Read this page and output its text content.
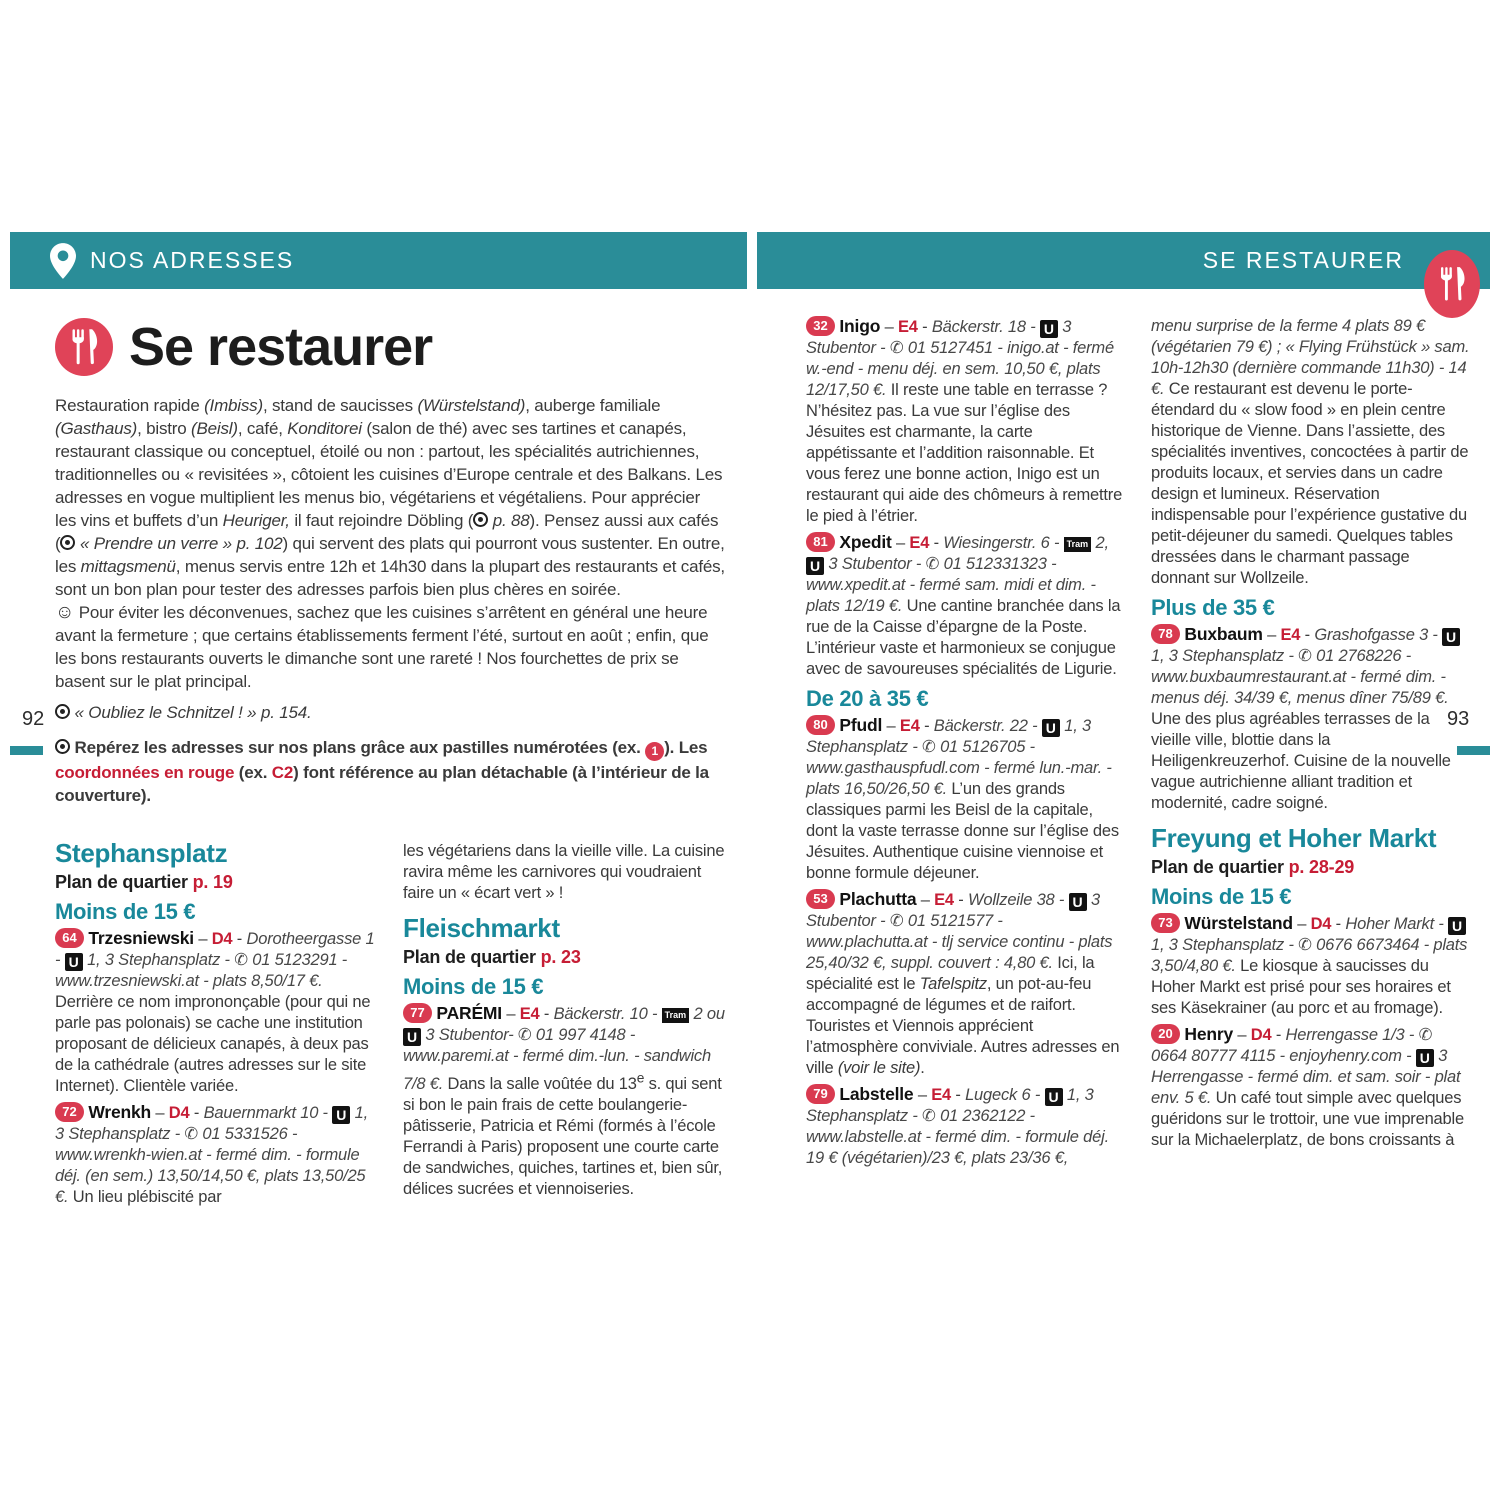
NOS ADRESSES	SE RESTAURER
Se restaurer

Restauration rapide (Imbiss), stand de saucisses (Würstelstand), auberge familiale (Gasthaus), bistro (Beisl), café, Konditorei (salon de thé) avec ses tartines et canapés, restaurant classique ou conceptuel, étoilé ou non : partout, les spécialités autrichiennes, traditionnelles ou « revisitées », côtoient les cuisines d’Europe centrale et des Balkans. Les adresses en vogue multiplient les menus bio, végétariens et végétaliens. Pour apprécier les vins et buffets d’un Heuriger, il faut rejoindre Döbling ( p. 88). Pensez aussi aux cafés ( « Prendre un verre » p. 102) qui servent des plats qui pourront vous sustenter. En outre, les mittagsmenü, menus servis entre 12h et 14h30 dans la plupart des restaurants et cafés, sont un bon plan pour tester des adresses parfois bien plus chères en soirée.

☺ Pour éviter les déconvenues, sachez que les cuisines s’arrêtent en général une heure avant la fermeture ; que certains établissements ferment l’été, surtout en août ; enfin, que les bons restaurants ouverts le dimanche sont une rareté ! Nos fourchettes de prix se basent sur le plat principal.

« Oubliez le Schnitzel ! » p. 154.

Repérez les adresses sur nos plans grâce aux pastilles numérotées (ex. 1 ). Les coordonnées en rouge (ex. C2) font référence au plan détachable (à l’intérieur de la couverture).

Stephansplatz

Plan de quartier p. 19

Moins de 15 €

64 Trzesniewski – D4 - Dorotheergasse 1 - U 1, 3 Stephansplatz - ✆ 01 5123291 - www.trzesniewski.at - plats 8,50/17 €. Derrière ce nom imprononçable (pour qui ne parle pas polonais) se cache une institution proposant de délicieux canapés, à deux pas de la cathédrale (autres adresses sur le site Internet). Clientèle variée.

72 Wrenkh – D4 - Bauernmarkt 10 - U 1, 3 Stephansplatz - ✆ 01 5331526 - www.wrenkh-wien.at - fermé dim. - formule déj. (en sem.) 13,50/14,50 €, plats 13,50/25 €. Un lieu plébiscité par

les végétariens dans la vieille ville. La cuisine ravira même les carnivores qui voudraient faire un « écart vert » !

Fleischmarkt

Plan de quartier p. 23

Moins de 15 €

77 PARÉMI – E4 - Bäckerstr. 10 - Tram 2 ou U 3 Stubentor- ✆ 01 997 4148 - www.paremi.at - fermé dim.-lun. - sandwich 7/8 €. Dans la salle voûtée du 13e s. qui sent si bon le pain frais de cette boulangerie-pâtisserie, Patricia et Rémi (formés à l’école Ferrandi à Paris) proposent une courte carte de sandwiches, quiches, tartines et, bien sûr, délices sucrées et viennoiseries.

32 Inigo – E4 - Bäckerstr. 18 - U 3 Stubentor - ✆ 01 5127451 - inigo.at - fermé w.-end - menu déj. en sem. 10,50 €, plats 12/17,50 €. Il reste une table en terrasse ? N’hésitez pas. La vue sur l’église des Jésuites est charmante, la carte appétissante et l’addition raisonnable. Et vous ferez une bonne action, Inigo est un restaurant qui aide des chômeurs à remettre le pied à l’étrier.

81 Xpedit – E4 - Wiesingerstr. 6 - Tram 2, U 3 Stubentor - ✆ 01 512331323 - www.xpedit.at - fermé sam. midi et dim. - plats 12/19 €. Une cantine branchée dans la rue de la Caisse d’épargne de la Poste. L’intérieur vaste et harmonieux se conjugue avec de savoureuses spécialités de Ligurie.

De 20 à 35 €

80 Pfudl – E4 - Bäckerstr. 22 - U 1, 3 Stephansplatz - ✆ 01 5126705 - www.gasthauspfudl.com - fermé lun.-mar. - plats 16,50/26,50 €. L’un des grands classiques parmi les Beisl de la capitale, dont la vaste terrasse donne sur l’église des Jésuites. Authentique cuisine viennoise et bonne formule déjeuner.

53 Plachutta – E4 - Wollzeile 38 - U 3 Stubentor - ✆ 01 5121577 - www.plachutta.at - tlj service continu - plats 25,40/32 €, suppl. couvert : 4,80 €. Ici, la spécialité est le Tafelspitz, un pot-au-feu accompagné de légumes et de raifort. Touristes et Viennois apprécient l’atmosphère conviviale. Autres adresses en ville (voir le site).

79 Labstelle – E4 - Lugeck 6 - U 1, 3 Stephansplatz - ✆ 01 2362122 - www.labstelle.at - fermé dim. - formule déj. 19 € (végétarien)/23 €, plats 23/36 €,

menu surprise de la ferme 4 plats 89 € (végétarien 79 €) ; « Flying Frühstück » sam. 10h-12h30 (dernière commande 11h30) - 14 €. Ce restaurant est devenu le porte-étendard du « slow food » en plein centre historique de Vienne. Dans l’assiette, des spécialités inventives, concoctées à partir de produits locaux, et servies dans un cadre design et lumineux. Réservation indispensable pour l’expérience gustative du petit-déjeuner du samedi. Quelques tables dressées dans le charmant passage donnant sur Wollzeile.

Plus de 35 €

78 Buxbaum – E4 - Grashofgasse 3 - U 1, 3 Stephansplatz - ✆ 01 2768226 - www.buxbaumrestaurant.at - fermé dim. - menus déj. 34/39 €, menus dîner 75/89 €. Une des plus agréables terrasses de la vieille ville, blottie dans la Heiligenkreuzerhof. Cuisine de la nouvelle vague autrichienne alliant tradition et modernité, cadre soigné.

Freyung et Hoher Markt

Plan de quartier p. 28-29

Moins de 15 €

73 Würstelstand – D4 - Hoher Markt - U 1, 3 Stephansplatz - ✆ 0676 6673464 - plats 3,50/4,80 €. Le kiosque à saucisses du Hoher Markt est prisé pour ses horaires et ses Käsekrainer (au porc et au fromage).

20 Henry – D4 - Herrengasse 1/3 - ✆ 0664 80777 4115 - enjoyhenry.com - U 3 Herrengasse - fermé dim. et sam. soir - plat env. 5 €. Un café tout simple avec quelques guéridons sur le trottoir, une vue imprenable sur la Michaelerplatz, de bons croissants à

92	93
